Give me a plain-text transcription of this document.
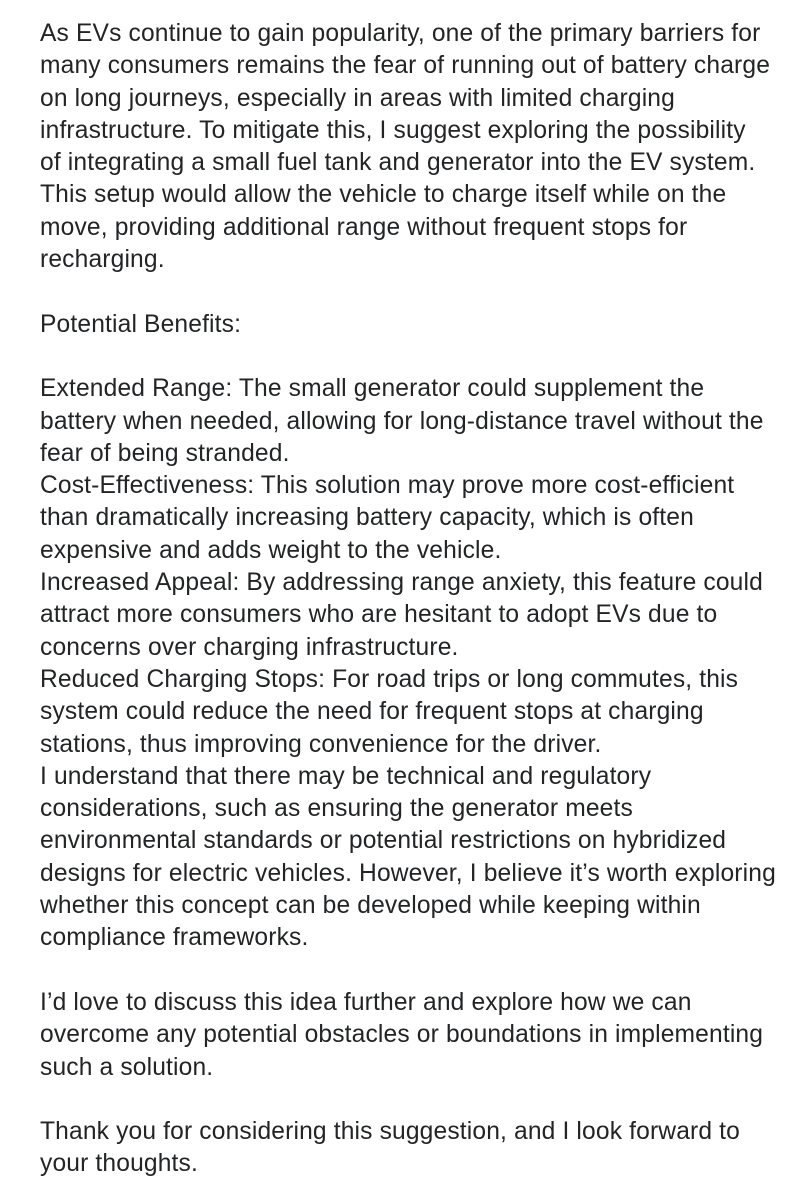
As EVs continue to gain popularity, one of the primary barriers for
many consumers remains the fear of running out of battery charge
on long journeys, especially in areas with limited charging
infrastructure. To mitigate this, I suggest exploring the possibility
of integrating a small fuel tank and generator into the EV system.
This setup would allow the vehicle to charge itself while on the
move, providing additional range without frequent stops for
recharging.
Potential Benefits:
Extended Range: The small generator could supplement the
battery when needed, allowing for long-distance travel without the
fear of being stranded.
Cost-Effectiveness: This solution may prove more cost-efficient
than dramatically increasing battery capacity, which is often
expensive and adds weight to the vehicle.
Increased Appeal: By addressing range anxiety, this feature could
attract more consumers who are hesitant to adopt EVs due to
concerns over charging infrastructure.
Reduced Charging Stops: For road trips or long commutes, this
system could reduce the need for frequent stops at charging
stations, thus improving convenience for the driver.
I understand that there may be technical and regulatory
considerations, such as ensuring the generator meets
environmental standards or potential restrictions on hybridized
designs for electric vehicles. However, I believe it’s worth exploring
whether this concept can be developed while keeping within
compliance frameworks.
I’d love to discuss this idea further and explore how we can
overcome any potential obstacles or boundations in implementing
such a solution.
Thank you for considering this suggestion, and I look forward to
your thoughts.
